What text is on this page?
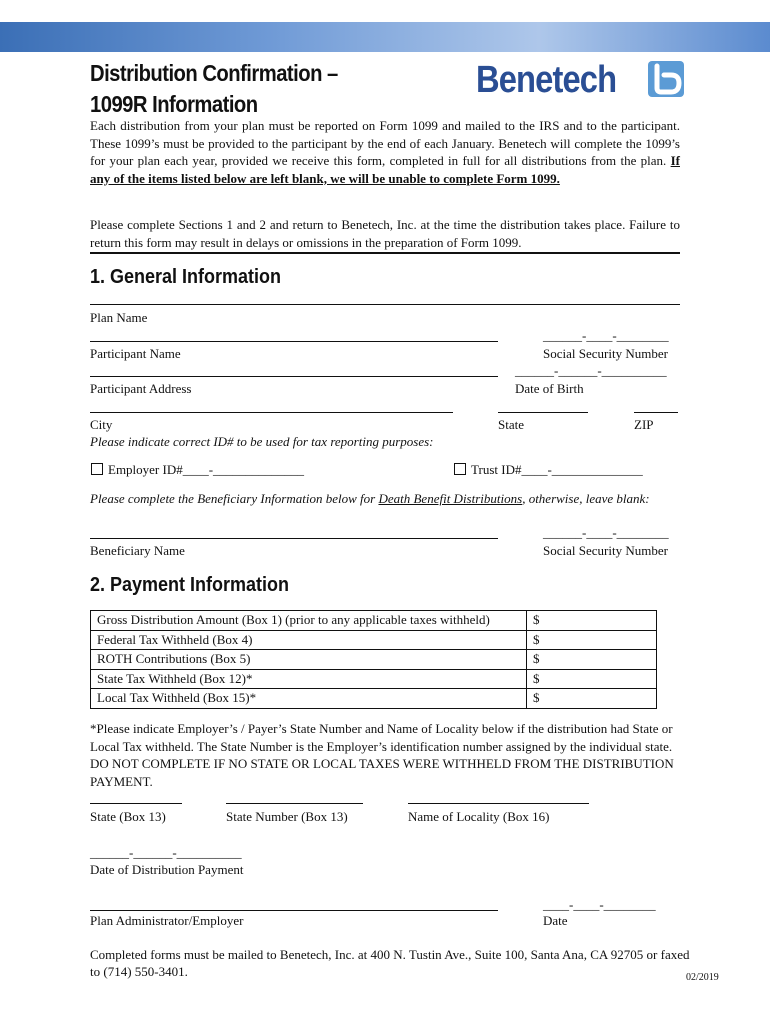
Distribution Confirmation –
1099R Information
Benetech
Each distribution from your plan must be reported on Form 1099 and mailed to the IRS and to the participant. These 1099’s must be provided to the participant by the end of each January. Benetech will complete the 1099’s for your plan each year, provided we receive this form, completed in full for all distributions from the plan. If any of the items listed below are left blank, we will be unable to complete Form 1099.
Please complete Sections 1 and 2 and return to Benetech, Inc. at the time the distribution takes place. Failure to return this form may result in delays or omissions in the preparation of Form 1099.
1. General Information
Plan Name
______-____-________
Participant Name	Social Security Number
______-______-__________
Participant Address	Date of Birth
City	State	ZIP
Please indicate correct ID# to be used for tax reporting purposes:
Employer ID#____-______________	Trust ID#____-______________
Please complete the Beneficiary Information below for Death Benefit Distributions, otherwise, leave blank:
______-____-________
Beneficiary Name	Social Security Number
2. Payment Information
Gross Distribution Amount (Box 1) (prior to any applicable taxes withheld)	$
Federal Tax Withheld (Box 4)	$
ROTH Contributions (Box 5)	$
State Tax Withheld (Box 12)*	$
Local Tax Withheld (Box 15)*	$
*Please indicate Employer’s / Payer’s State Number and Name of Locality below if the distribution had State or Local Tax withheld. The State Number is the Employer’s identification number assigned by the individual state. DO NOT COMPLETE IF NO STATE OR LOCAL TAXES WERE WITHHELD FROM THE DISTRIBUTION PAYMENT.
State (Box 13)	State Number (Box 13)	Name of Locality (Box 16)
______-______-__________
Date of Distribution Payment
____-____-________
Plan Administrator/Employer	Date
Completed forms must be mailed to Benetech, Inc. at 400 N. Tustin Ave., Suite 100, Santa Ana, CA 92705 or faxed to (714) 550-3401.	02/2019
